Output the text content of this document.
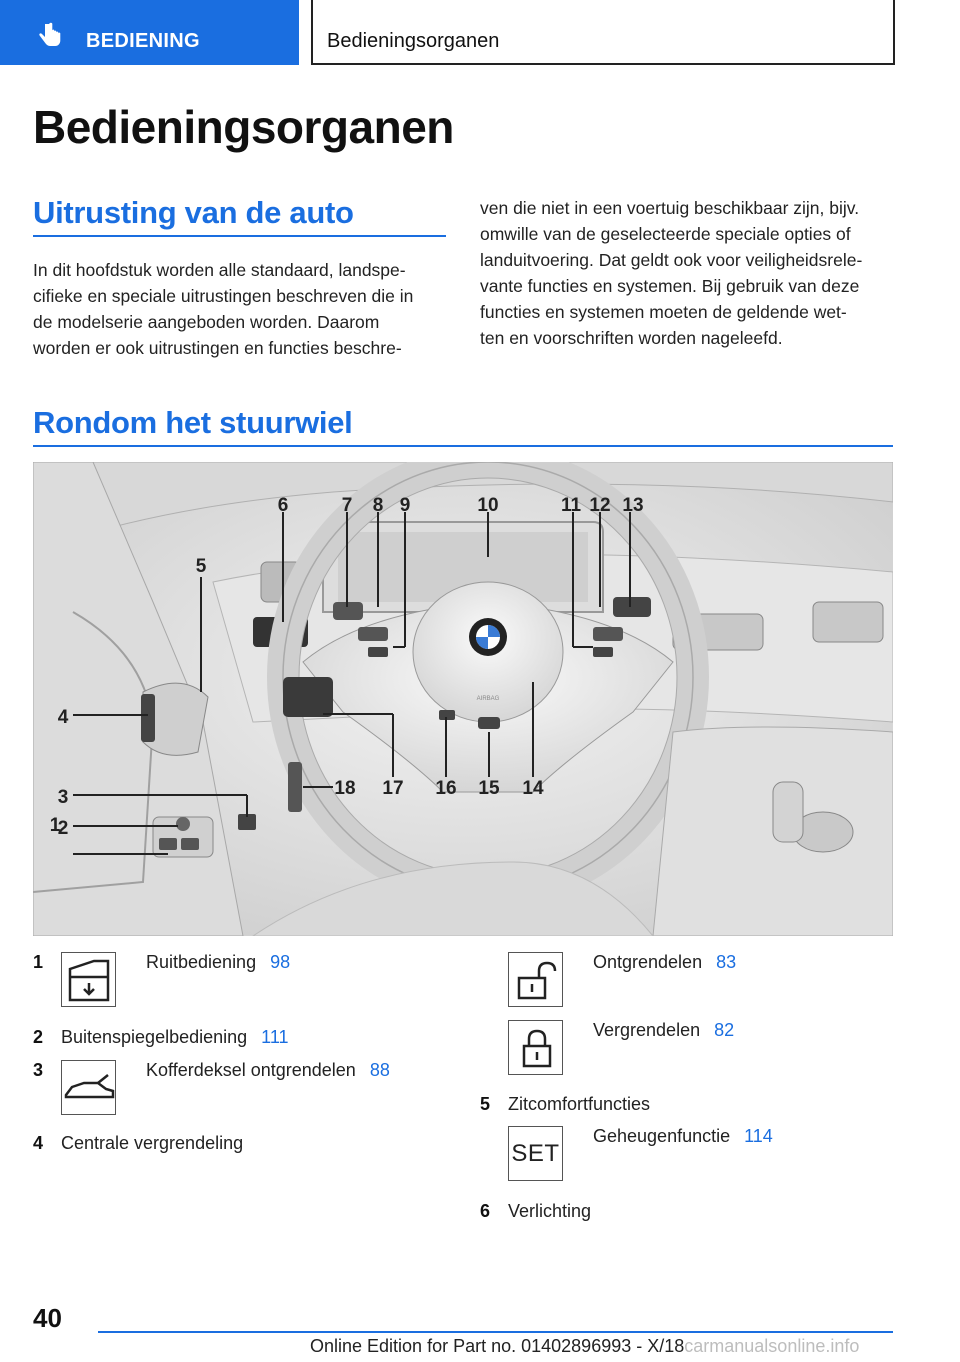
BEDIENING	Bedieningsorganen
Bedieningsorganen
Uitrusting van de auto
In dit hoofdstuk worden alle standaard, landspe-
cifieke en speciale uitrustingen beschreven die in
de modelserie aangeboden worden. Daarom
worden er ook uitrustingen en functies beschre-
ven die niet in een voertuig beschikbaar zijn, bijv.
omwille van de geselecteerde speciale opties of
landuitvoering. Dat geldt ook voor veiligheidsrele-
vante functies en systemen. Bij gebruik van deze
functies en systemen moeten de geldende wet-
ten en voorschriften worden nageleefd.
Rondom het stuurwiel
AIRBAG
1
2
3
4
5
6	7 8 9	10	11 12 13
14
15
16
17
18
1	Ruitbediening 98
2 Buitenspiegelbediening 111
3	Kofferdeksel ontgrendelen 88
4 Centrale vergrendeling
Ontgrendelen 83
Vergrendelen 82
5 Zitcomfortfuncties
SET
Geheugenfunctie 114
6 Verlichting
40
Online Edition for Part no. 01402896993 - X/18carmanualsonline.info
